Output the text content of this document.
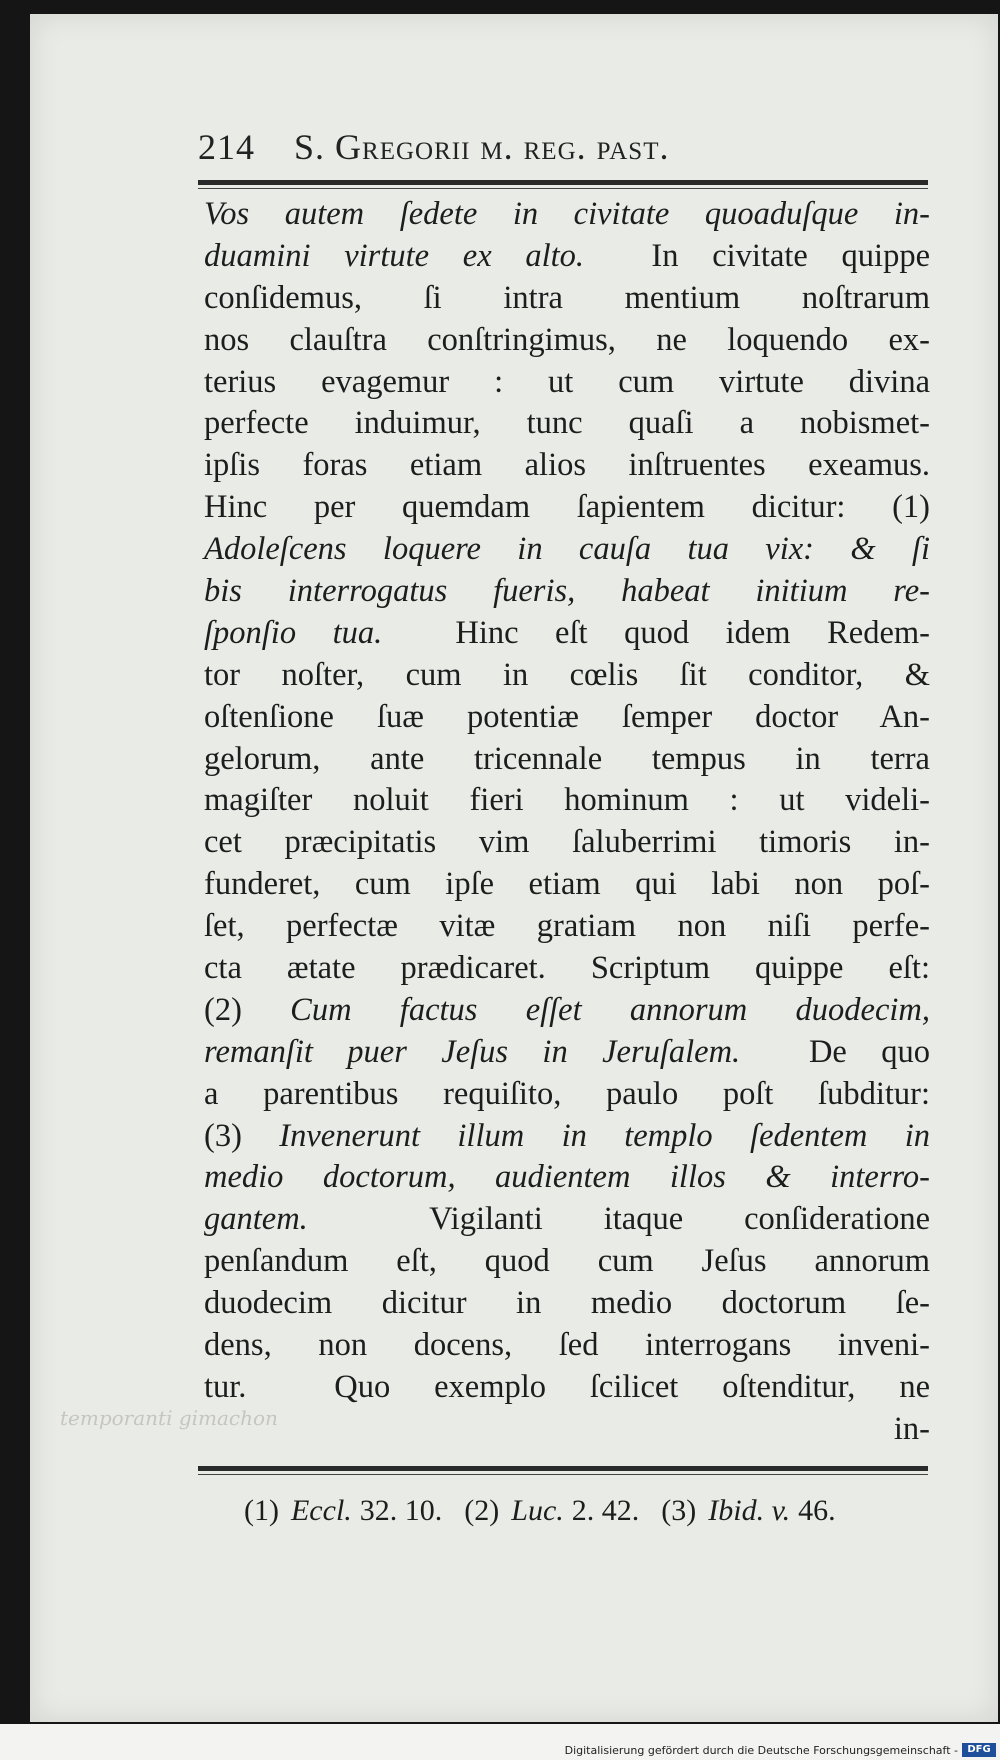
214 S. Gregorii m. reg. past.
Vos autem ſedete in civitate quoaduſque in-
duamini virtute ex alto.  In civitate quippe
conſidemus, ſi intra mentium noſtrarum
nos clauſtra conſtringimus, ne loquendo ex-
terius evagemur : ut cum virtute divina
perfecte induimur, tunc quaſi a nobismet-
ipſis foras etiam alios inſtruentes exeamus.
Hinc per quemdam ſapientem dicitur: (1)
Adoleſcens loquere in cauſa tua vix: & ſi
bis interrogatus fueris, habeat initium re-
ſponſio tua.  Hinc eſt quod idem Redem-
tor noſter, cum in cœlis ſit conditor, &
oſtenſione ſuæ potentiæ ſemper doctor An-
gelorum, ante tricennale tempus in terra
magiſter noluit fieri hominum : ut videli-
cet præcipitatis vim ſaluberrimi timoris in-
funderet, cum ipſe etiam qui labi non poſ-
ſet, perfectæ vitæ gratiam non niſi perfe-
cta ætate prædicaret. Scriptum quippe eſt:
(2) Cum factus eſſet annorum duodecim,
remanſit puer Jeſus in Jeruſalem.  De quo
a parentibus requiſito, paulo poſt ſubditur:
(3) Invenerunt illum in templo ſedentem in
medio doctorum, audientem illos & interro-
gantem.  Vigilanti itaque conſideratione
penſandum eſt, quod cum Jeſus annorum
duodecim dicitur in medio doctorum ſe-
dens, non docens, ſed interrogans inveni-
tur.  Quo exemplo ſcilicet oſtenditur, ne
in-
temporanti gimachon
(1) Eccl. 32. 10. (2) Luc. 2. 42. (3) Ibid. v. 46.
Digitalisierung gefördert durch die Deutsche Forschungsgemeinschaft - DFG
